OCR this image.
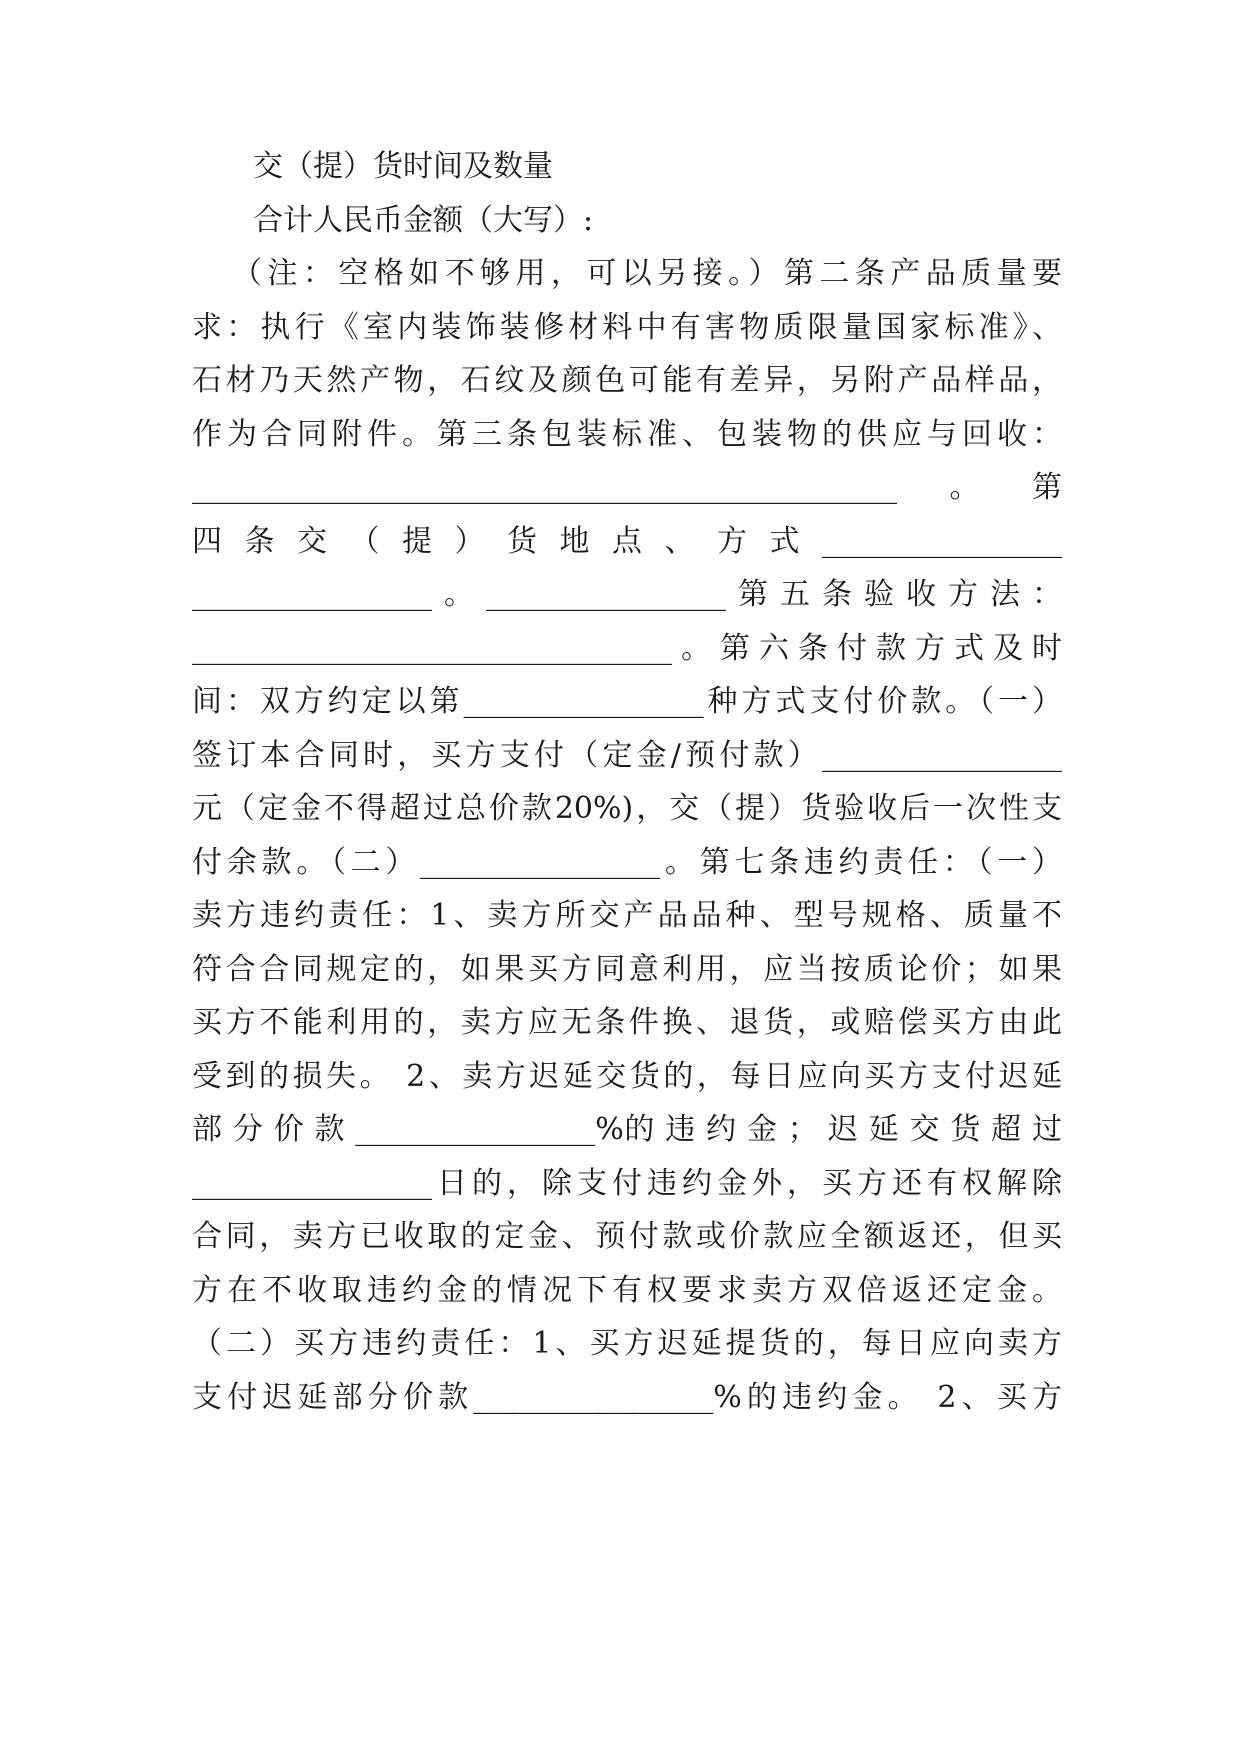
交（提）货时间及数量
合计人民币金额（大写）:
（注：空格如不够用，可以另接。）第二条产品质量要
求：执行《室内装饰装修材料中有害物质限量国家标准》、
石材乃天然产物，石纹及颜色可能有差异，另附产品样品，
作为合同附件。第三条包装标准、包装物的供应与回收：
_______________________________________________。第
四 条 交 （ 提 ） 货 地 点 、 方 式 ________________
________________。________________第五条验收方法：
________________________________。第六条付款方式及时
间：双方约定以第________________种方式支付价款。（一）
签订本合同时，买方支付（定金/预付款）________________
元（定金不得超过总价款20%)，交（提）货验收后一次性支
付余款。（二）________________。第七条违约责任：（一）
卖方违约责任：1、卖方所交产品品种、型号规格、质量不
符合合同规定的，如果买方同意利用，应当按质论价；如果
买方不能利用的，卖方应无条件换、退货，或赔偿买方由此
受到的损失。 2、卖方迟延交货的，每日应向买方支付迟延
部 分 价 款 ________________%的 违 约 金 ； 迟 延 交 货 超 过
________________日的，除支付违约金外，买方还有权解除
合同，卖方已收取的定金、预付款或价款应全额返还，但买
方在不收取违约金的情况下有权要求卖方双倍返还定金。
（二）买方违约责任：1、买方迟延提货的，每日应向卖方
支付迟延部分价款________________%的违约金。 2、买方
